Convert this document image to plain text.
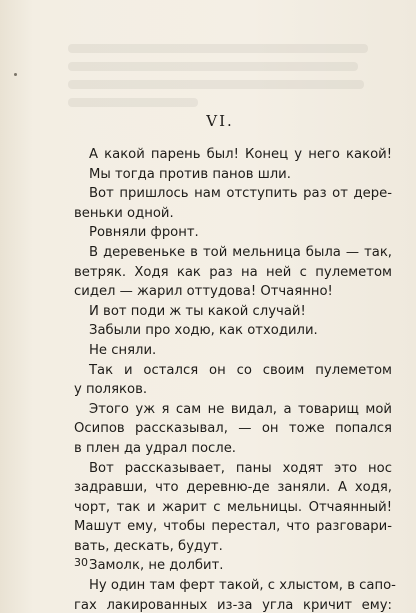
VI.
А какой парень был! Конец у него какой!
Мы тогда против панов шли.
Вот пришлось нам отступить раз от дере-
веньки одной.
Ровняли фронт.
В деревеньке в той мельница была — так,
ветряк. Ходя как раз на ней с пулеметом
сидел — жарил оттудова! Отчаянно!
И вот поди ж ты какой случай!
Забыли про ходю, как отходили.
Не сняли.
Так и остался он со своим пулеметом
у поляков.
Этого уж я сам не видал, а товарищ мой
Осипов рассказывал, — он тоже попался
в плен да удрал после.
Вот рассказывает, паны ходят это нос
задравши, что деревню-де заняли. А ходя,
чорт, так и жарит с мельницы. Отчаянный!
Машут ему, чтобы перестал, что разговари-
вать, дескать, будут.
Замолк, не долбит.
Ну один там ферт такой, с хлыстом, в сапо-
гах лакированных из-за угла кричит ему:
30
